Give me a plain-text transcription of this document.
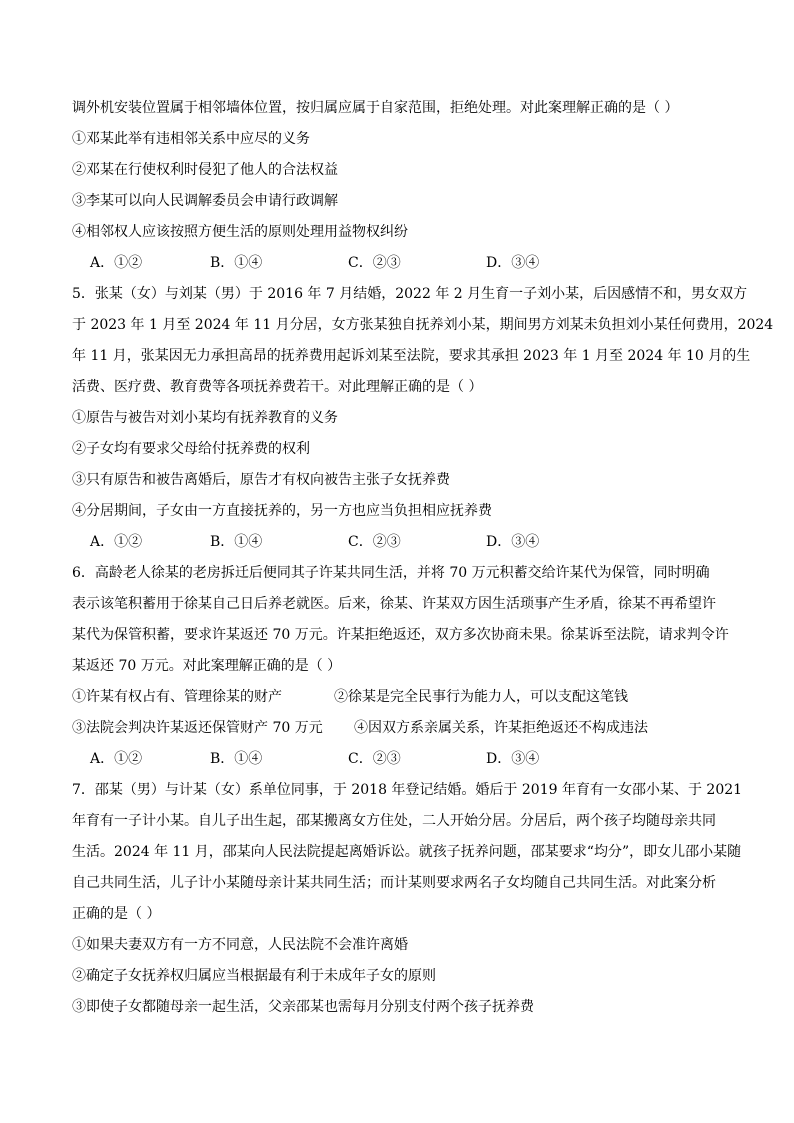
调外机安装位置属于相邻墙体位置，按归属应属于自家范围，拒绝处理。对此案理解正确的是（ ）
①邓某此举有违相邻关系中应尽的义务
②邓某在行使权利时侵犯了他人的合法权益
③李某可以向人民调解委员会申请行政调解
④相邻权人应该按照方便生活的原则处理用益物权纠纷
A．①②	B．①④	C．②③	D．③④
5．张某（女）与刘某（男）于 2016 年 7 月结婚，2022 年 2 月生育一子刘小某，后因感情不和，男女双方
于 2023 年 1 月至 2024 年 11 月分居，女方张某独自抚养刘小某，期间男方刘某未负担刘小某任何费用，2024
年 11 月，张某因无力承担高昂的抚养费用起诉刘某至法院，要求其承担 2023 年 1 月至 2024 年 10 月的生
活费、医疗费、教育费等各项抚养费若干。对此理解正确的是（ ）
①原告与被告对刘小某均有抚养教育的义务
②子女均有要求父母给付抚养费的权利
③只有原告和被告离婚后，原告才有权向被告主张子女抚养费
④分居期间，子女由一方直接抚养的，另一方也应当负担相应抚养费
A．①②	B．①④	C．②③	D．③④
6．高龄老人徐某的老房拆迁后便同其子许某共同生活，并将 70 万元积蓄交给许某代为保管，同时明确
表示该笔积蓄用于徐某自己日后养老就医。后来，徐某、许某双方因生活琐事产生矛盾，徐某不再希望许
某代为保管积蓄，要求许某返还 70 万元。许某拒绝返还，双方多次协商未果。徐某诉至法院，请求判令许
某返还 70 万元。对此案理解正确的是（ ）
①许某有权占有、管理徐某的财产	②徐某是完全民事行为能力人，可以支配这笔钱
③法院会判决许某返还保管财产 70 万元	④因双方系亲属关系，许某拒绝返还不构成违法
A．①②	B．①④	C．②③	D．③④
7．邵某（男）与计某（女）系单位同事，于 2018 年登记结婚。婚后于 2019 年育有一女邵小某、于 2021
年育有一子计小某。自儿子出生起，邵某搬离女方住处，二人开始分居。分居后，两个孩子均随母亲共同
生活。2024 年 11 月，邵某向人民法院提起离婚诉讼。就孩子抚养问题，邵某要求“均分”，即女儿邵小某随
自己共同生活，儿子计小某随母亲计某共同生活；而计某则要求两名子女均随自己共同生活。对此案分析
正确的是（ ）
①如果夫妻双方有一方不同意，人民法院不会准许离婚
②确定子女抚养权归属应当根据最有利于未成年子女的原则
③即使子女都随母亲一起生活，父亲邵某也需每月分别支付两个孩子抚养费
